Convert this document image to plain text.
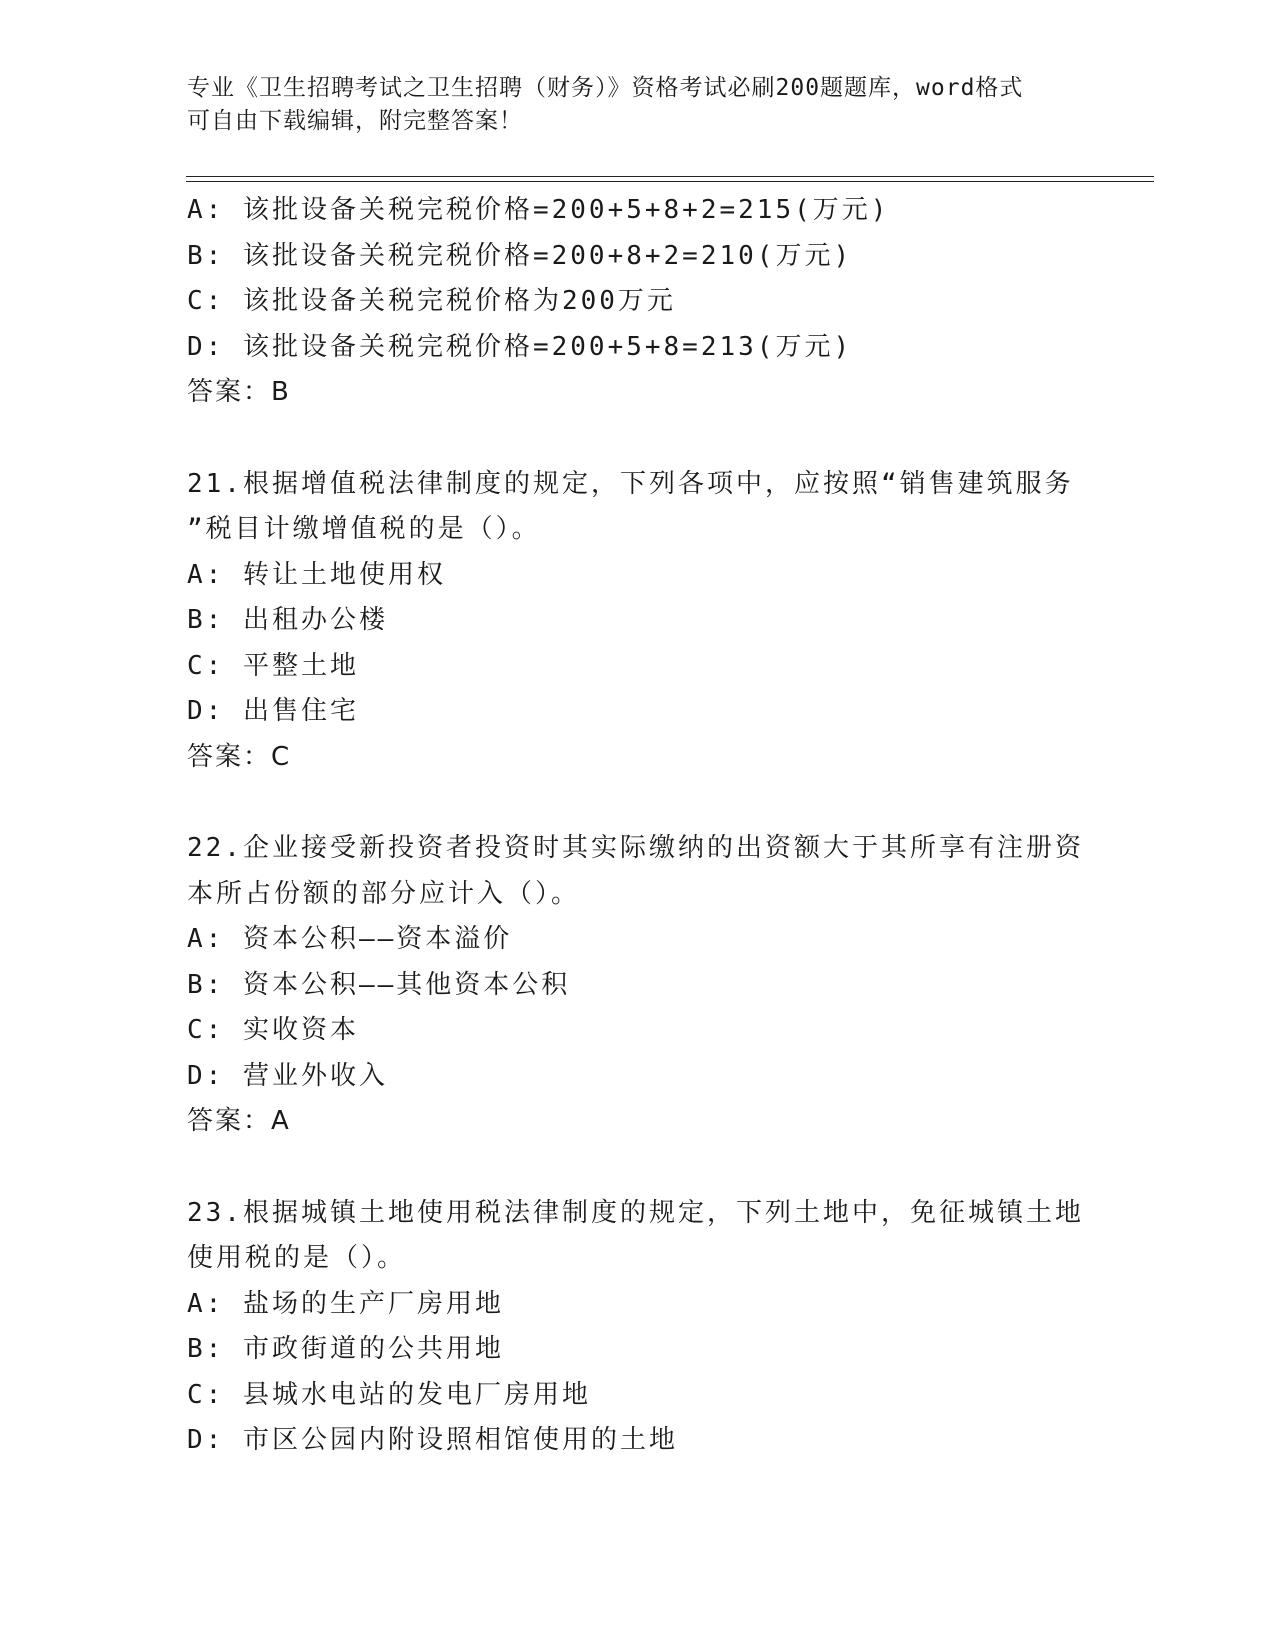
专业《卫生招聘考试之卫生招聘（财务）》资格考试必刷200题题库，word格式

可自由下载编辑，附完整答案！

A: 该批设备关税完税价格=200+5+8+2=215(万元)
B: 该批设备关税完税价格=200+8+2=210(万元)
C: 该批设备关税完税价格为200万元
D: 该批设备关税完税价格=200+5+8=213(万元)
答案：B
21.根据增值税法律制度的规定，下列各项中，应按照“销售建筑服务
”税目计缴增值税的是（）。
A: 转让土地使用权
B: 出租办公楼
C: 平整土地
D: 出售住宅
答案：C
22.企业接受新投资者投资时其实际缴纳的出资额大于其所享有注册资
本所占份额的部分应计入（）。
A: 资本公积——资本溢价
B: 资本公积——其他资本公积
C: 实收资本
D: 营业外收入
答案：A
23.根据城镇土地使用税法律制度的规定，下列土地中，免征城镇土地
使用税的是（）。
A: 盐场的生产厂房用地
B: 市政街道的公共用地
C: 县城水电站的发电厂房用地
D: 市区公园内附设照相馆使用的土地
